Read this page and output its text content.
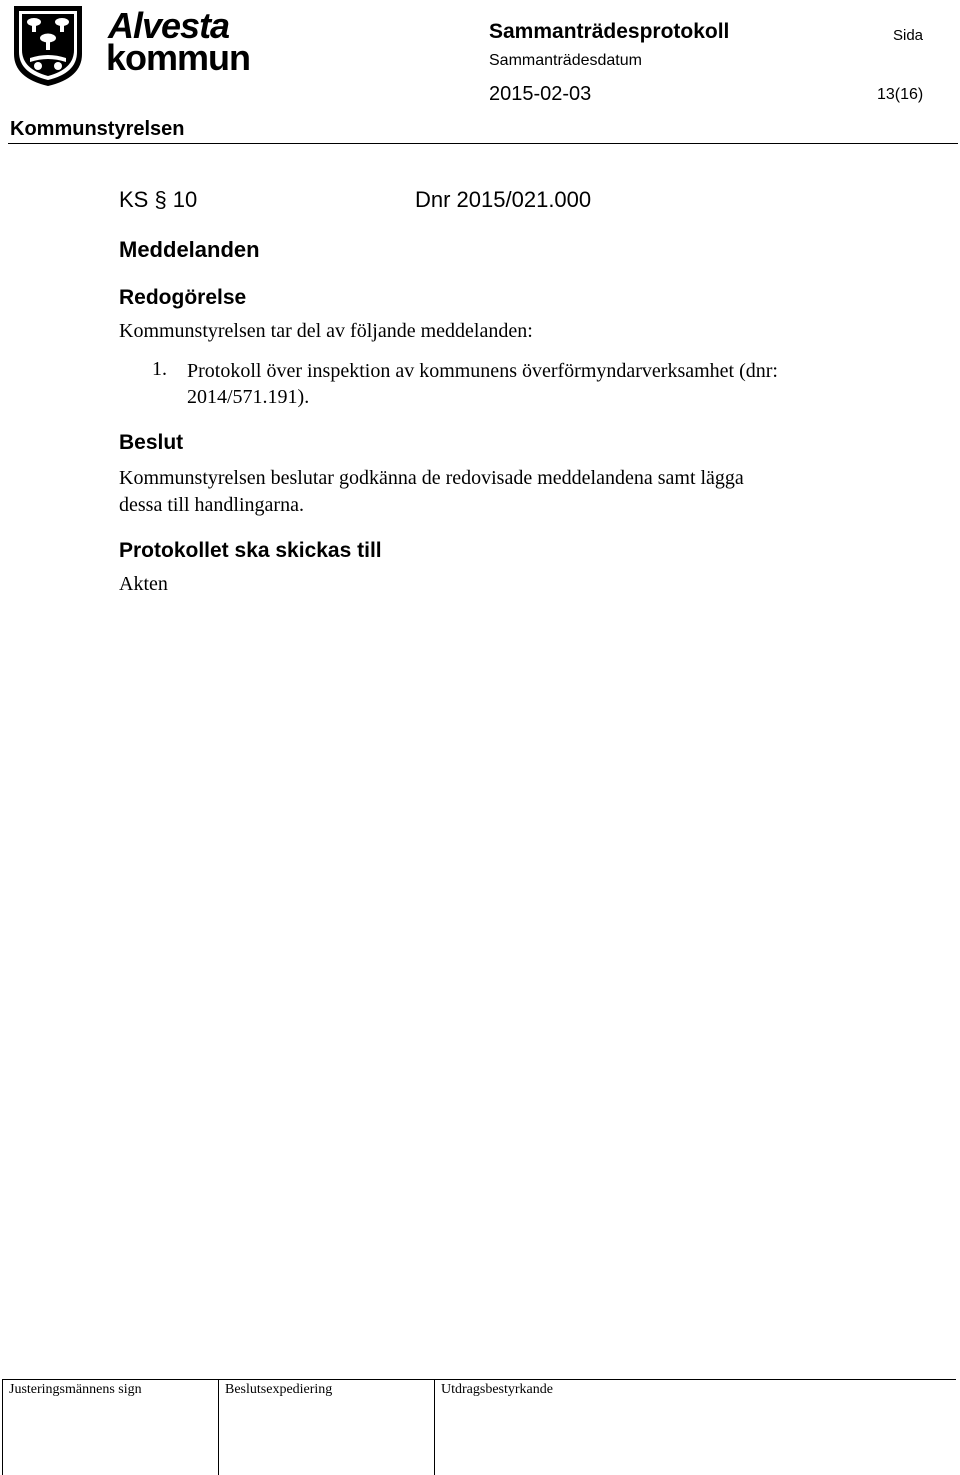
Alvesta
kommun
Kommunstyrelsen
Sammanträdesprotokoll
Sammanträdesdatum
2015-02-03
Sida
13(16)
KS § 10	Dnr 2015/021.000
Meddelanden
Redogörelse
Kommunstyrelsen tar del av följande meddelanden:
1. Protokoll över inspektion av kommunens överförmyndarverksamhet (dnr: 2014/571.191).
Beslut
Kommunstyrelsen beslutar godkänna de redovisade meddelandena samt lägga dessa till handlingarna.
Protokollet ska skickas till
Akten
Justeringsmännens sign	Beslutsexpediering	Utdragsbestyrkande
